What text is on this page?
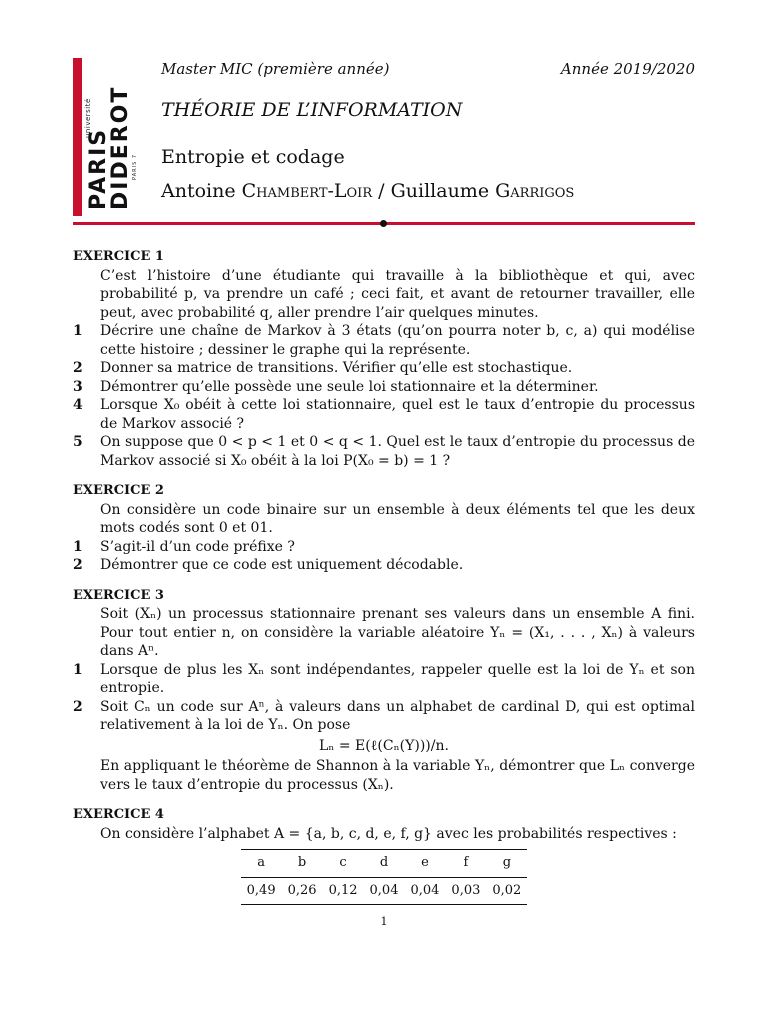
université
PARIS
DIDEROT PARIS 7
Master MIC (première année)	Année 2019/2020
THÉORIE DE L’INFORMATION
Entropie et codage
Antoine Chambert-Loir / Guillaume Garrigos
EXERCICE 1
C’est l’histoire d’une étudiante qui travaille à la bibliothèque et qui, avec probabilité p, va prendre un café ; ceci fait, et avant de retourner travailler, elle peut, avec probabilité q, aller prendre l’air quelques minutes.
1	Décrire une chaîne de Markov à 3 états (qu’on pourra noter b, c, a) qui modélise cette histoire ; dessiner le graphe qui la représente.
2	Donner sa matrice de transitions. Vérifier qu’elle est stochastique.
3	Démontrer qu’elle possède une seule loi stationnaire et la déterminer.
4	Lorsque X₀ obéit à cette loi stationnaire, quel est le taux d’entropie du processus de Markov associé ?
5	On suppose que 0 < p < 1 et 0 < q < 1. Quel est le taux d’entropie du processus de Markov associé si X₀ obéit à la loi P(X₀ = b) = 1 ?
EXERCICE 2
On considère un code binaire sur un ensemble à deux éléments tel que les deux mots codés sont 0 et 01.
1	S’agit-il d’un code préfixe ?
2	Démontrer que ce code est uniquement décodable.
EXERCICE 3
Soit (Xₙ) un processus stationnaire prenant ses valeurs dans un ensemble A fini. Pour tout entier n, on considère la variable aléatoire Yₙ = (X₁, . . . , Xₙ) à valeurs dans Aⁿ.
1	Lorsque de plus les Xₙ sont indépendantes, rappeler quelle est la loi de Yₙ et son entropie.
2	Soit Cₙ un code sur Aⁿ, à valeurs dans un alphabet de cardinal D, qui est optimal relativement à la loi de Yₙ. On pose
Lₙ = E(ℓ(Cₙ(Y)))/n.
En appliquant le théorème de Shannon à la variable Yₙ, démontrer que Lₙ converge vers le taux d’entropie du processus (Xₙ).
EXERCICE 4
On considère l’alphabet A = {a, b, c, d, e, f, g} avec les probabilités respectives :
a	b	c	d	e	f	g
0,49	0,26	0,12	0,04	0,04	0,03	0,02
1
